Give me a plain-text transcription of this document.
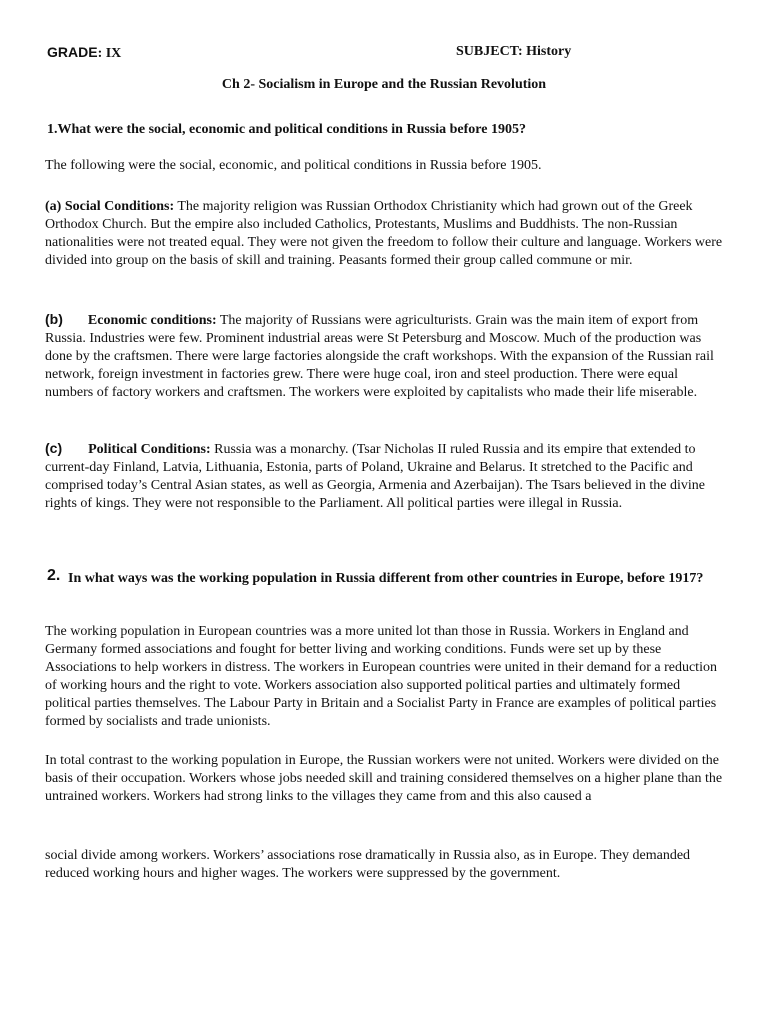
GRADE: IX	SUBJECT: History
Ch 2- Socialism in Europe and the Russian Revolution
1.What were the social, economic and political conditions in Russia before 1905?
The following were the social, economic, and political conditions in Russia before 1905.
(a) Social Conditions: The majority religion was Russian Orthodox Christianity which had grown out of the Greek Orthodox Church. But the empire also included Catholics, Protestants, Muslims and Buddhists. The non-Russian nationalities were not treated equal. They were not given the freedom to follow their culture and language. Workers were divided into group on the basis of skill and training. Peasants formed their group called commune or mir.
(b) Economic conditions: The majority of Russians were agriculturists. Grain was the main item of export from Russia. Industries were few. Prominent industrial areas were St Petersburg and Moscow. Much of the production was done by the craftsmen. There were large factories alongside the craft workshops. With the expansion of the Russian rail network, foreign investment in factories grew. There were huge coal, iron and steel production. There were equal numbers of factory workers and craftsmen. The workers were exploited by capitalists who made their life miserable.
(c) Political Conditions: Russia was a monarchy. (Tsar Nicholas II ruled Russia and its empire that extended to current-day Finland, Latvia, Lithuania, Estonia, parts of Poland, Ukraine and Belarus. It stretched to the Pacific and comprised today’s Central Asian states, as well as Georgia, Armenia and Azerbaijan). The Tsars believed in the divine rights of kings. They were not responsible to the Parliament. All political parties were illegal in Russia.
2. In what ways was the working population in Russia different from other countries in Europe, before 1917?
The working population in European countries was a more united lot than those in Russia. Workers in England and Germany formed associations and fought for better living and working conditions. Funds were set up by these Associations to help workers in distress. The workers in European countries were united in their demand for a reduction of working hours and the right to vote. Workers association also supported political parties and ultimately formed political parties themselves. The Labour Party in Britain and a Socialist Party in France are examples of political parties formed by socialists and trade unionists.
In total contrast to the working population in Europe, the Russian workers were not united. Workers were divided on the basis of their occupation. Workers whose jobs needed skill and training considered themselves on a higher plane than the untrained workers. Workers had strong links to the villages they came from and this also caused a
social divide among workers. Workers’ associations rose dramatically in Russia also, as in Europe. They demanded reduced working hours and higher wages. The workers were suppressed by the government.
